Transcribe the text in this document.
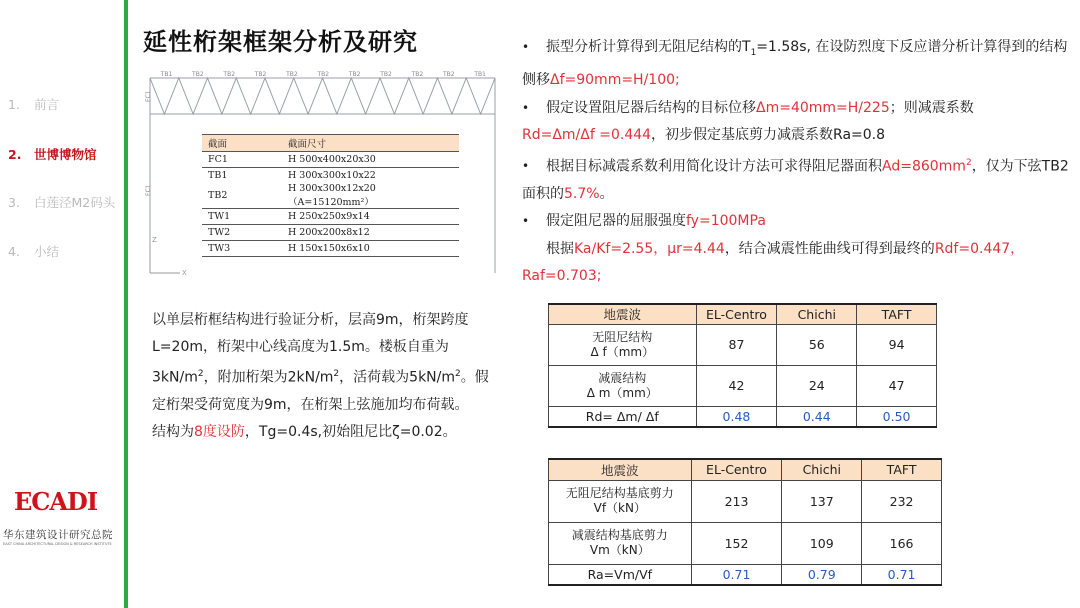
1. 前言
2. 世博博物馆
3. 白莲泾M2码头
4. 小结
ECADI
华东建筑设计研究总院
EAST CHINA ARCHITECTURAL DESIGN & RESEARCH INSTITUTE
延性桁架框架分析及研究
TB1	TB2	TB2	TB2	TB2	TB2	TB2	TB2	TB2	TB2	TB1
FC1
FC1
Z
X
截面	截面尺寸
FC1	H 500x400x20x30
TB1	H 300x300x10x22
TB2	H 300x300x12x20（A=15120mm²）
TW1	H 250x250x9x14
TW2	H 200x200x8x12
TW3	H 150x150x6x10

以单层桁框结构进行验证分析，层高9m，桁架跨度L=20m，桁架中心线高度为1.5m。楼板自重为$3kN/m^2$，附加桁架为$2kN/m^2$，活荷载为$5kN/m^2$。假定桁架受荷宽度为9m，在桁架上弦施加均布荷载。

结构为8度设防，Tg=0.4s,初始阻尼比ζ=0.02。

• 振型分析计算得到无阻尼结构的$T_1=1.58s$, 在设防烈度下反应谱分析计算得到的结构侧移Δf=90mm=H/100;

• 假定设置阻尼器后结构的目标位移Δm=40mm=H/225；则减震系数
Rd=Δm/Δf =0.444，初步假定基底剪力减震系数Ra=0.8

• 根据目标减震系数利用简化设计方法可求得阻尼器面积$Ad=860mm^2$，仅为下弦TB2面积的5.7%。

• 假定阻尼器的屈服强度fy=100MPa

根据Ka/Kf=2.55，μr=4.44，结合减震性能曲线可得到最终的Rdf=0.447，
Raf=0.703;

地震波	EL-Centro	Chichi	TAFT
无阻尼结构
Δ f（mm）	87	56	94
减震结构
Δ m（mm）	42	24	47
Rd= Δm/ Δf	0.48	0.44	0.50
地震波	EL-Centro	Chichi	TAFT
无阻尼结构基底剪力
Vf（kN）	213	137	232
减震结构基底剪力
Vm（kN）	152	109	166
Ra=Vm/Vf	0.71	0.79	0.71
